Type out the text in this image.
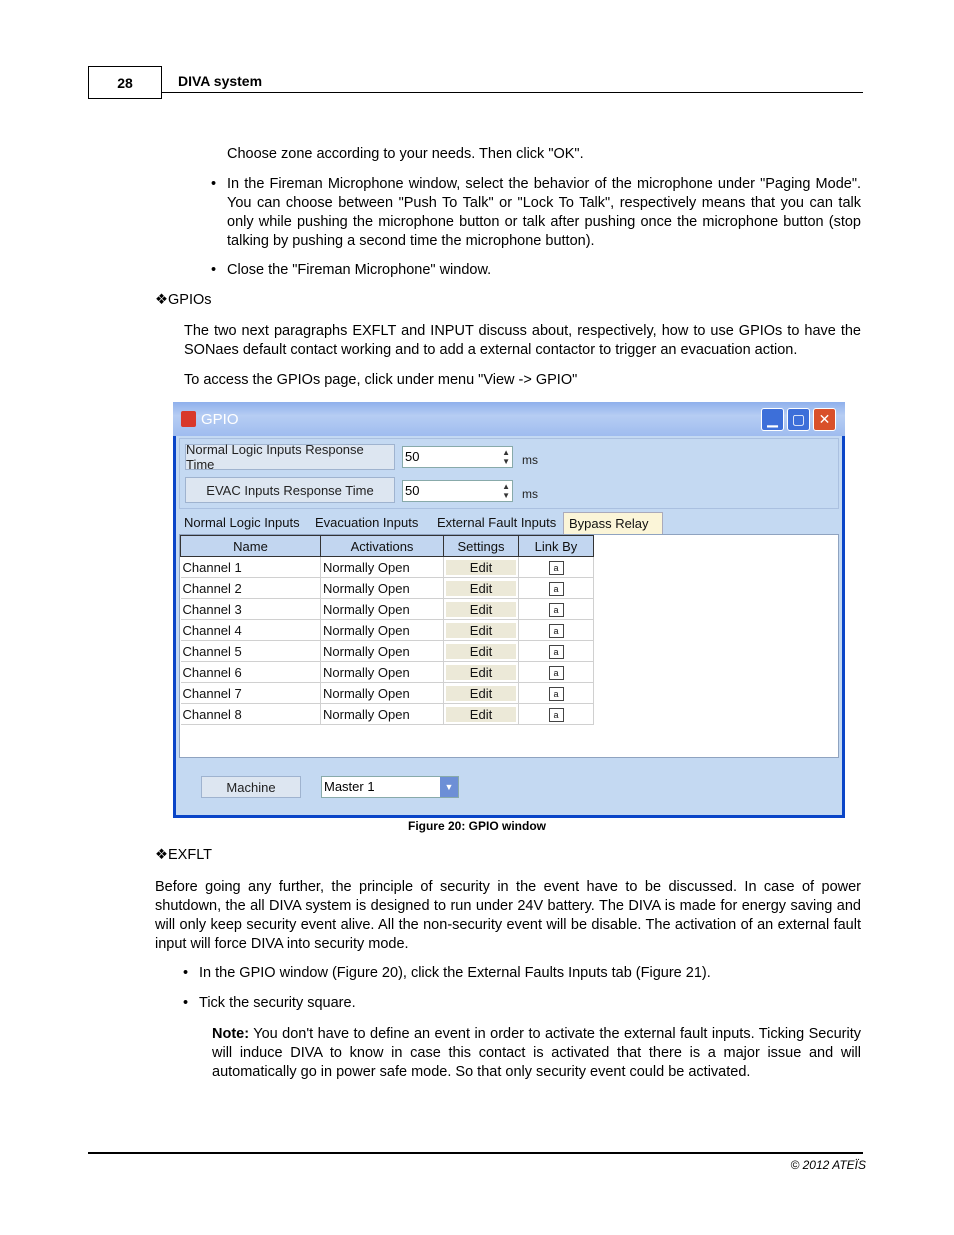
28	DIVA system
Choose zone according to your needs. Then click "OK".
• In the Fireman Microphone window, select the behavior of the microphone under "Paging Mode". You can choose between "Push To Talk" or "Lock To Talk", respectively means that you can talk only while pushing the microphone button or talk after pushing once the microphone button (stop talking by pushing a second time the microphone button).
• Close the "Fireman Microphone" window.
❖GPIOs
The two next paragraphs EXFLT and INPUT discuss about, respectively, how to use GPIOs to have the SONaes default contact working and to add a external contactor to trigger an evacuation action.
To access the GPIOs page, click under menu "View -> GPIO"
GPIO	▁ ▢ ✕
Normal Logic Inputs Response Time
50	▲
▼ ms
EVAC Inputs Response Time	50	▲
▼ ms
Normal Logic Inputs	Evacuation Inputs	External Fault Inputs Bypass Relay
Name	Activations	Settings	Link By
Channel 1	Normally Open	Edit	a
Channel 2	Normally Open	Edit	a
Channel 3	Normally Open	Edit	a
Channel 4	Normally Open	Edit	a
Channel 5	Normally Open	Edit	a
Channel 6	Normally Open	Edit	a
Channel 7	Normally Open	Edit	a
Channel 8	Normally Open	Edit	a
Machine	Master 1	▼
Figure 20: GPIO window
❖EXFLT
Before going any further, the principle of security in the event have to be discussed. In case of power shutdown, the all DIVA system is designed to run under 24V battery. The DIVA is made for energy saving and will only keep security event alive. All the non-security event will be disable. The activation of an external fault input will force DIVA into security mode.
• In the GPIO window (Figure 20), click the External Faults Inputs tab (Figure 21).
• Tick the security square.
Note: You don't have to define an event in order to activate the external fault inputs. Ticking Security will induce DIVA to know in case this contact is activated that there is a major issue and will automatically go in power safe mode. So that only security event could be activated.
© 2012 ATEÏS
